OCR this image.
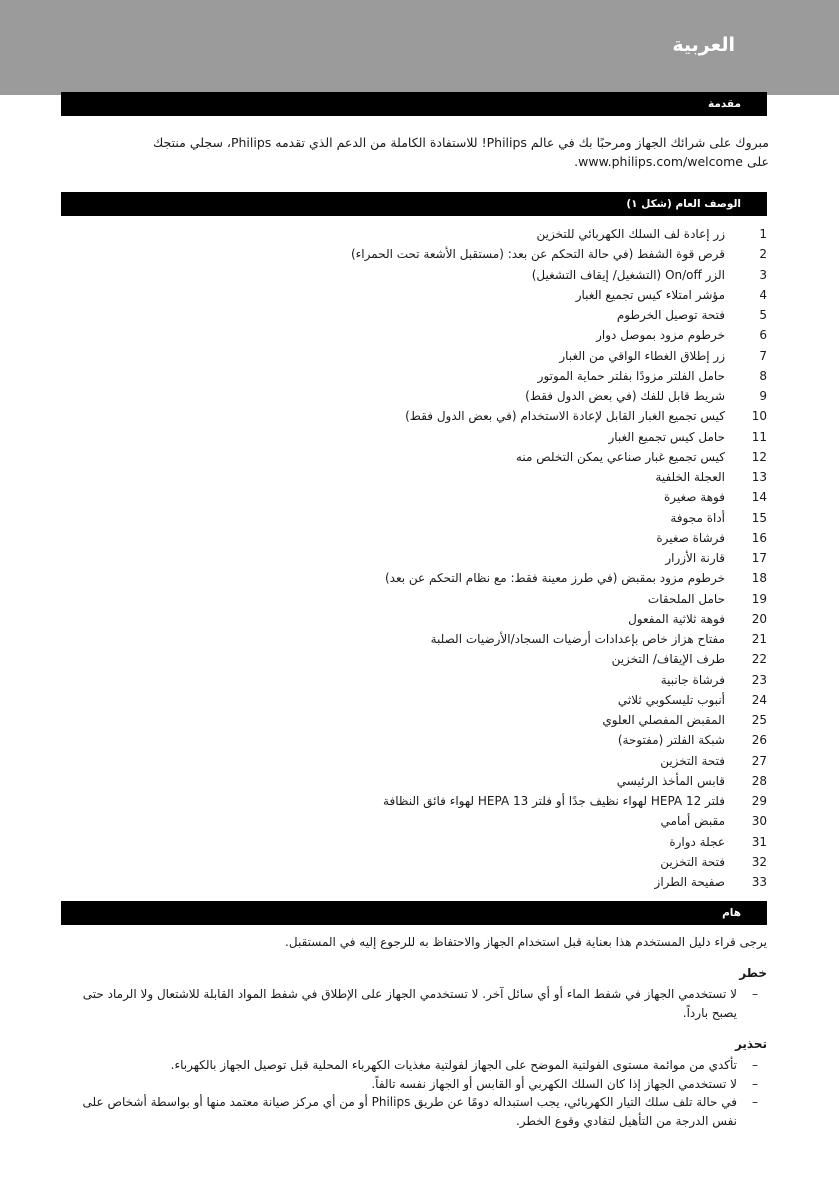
العربية
مقدمة

مبروك على شرائك الجهاز ومرحبًا بك في عالم Philips! للاستفادة الكاملة من الدعم الذي تقدمه Philips، سجلي منتجك على www.philips.com/welcome.

الوصف العام (شكل ١)
1
زر إعادة لف السلك الكهربائي للتخزين
2
قرص قوة الشفط (في حالة التحكم عن بعد: (مستقبل الأشعة تحت الحمراء)
3
الزر On/off (التشغيل/ إيقاف التشغيل)
4
مؤشر امتلاء كيس تجميع الغبار
5
فتحة توصيل الخرطوم
6
خرطوم مزود بموصل دوار
7
زر إطلاق الغطاء الواقي من الغبار
8
حامل الفلتر مزودًا بفلتر حماية الموتور
9
شريط قابل للفك (في بعض الدول فقط)
10
كيس تجميع الغبار القابل لإعادة الاستخدام (في بعض الدول فقط)
11
حامل كيس تجميع الغبار
12
كيس تجميع غبار صناعي يمكن التخلص منه
13
العجلة الخلفية
14
فوهة صغيرة
15
أداة مجوفة
16
فرشاة صغيرة
17
قارنة الأزرار
18
خرطوم مزود بمقبض (في طرز معينة فقط: مع نظام التحكم عن بعد)
19
حامل الملحقات
20
فوهة ثلاثية المفعول
21
مفتاح هزاز خاص بإعدادات أرضيات السجاد/الأرضيات الصلبة
22
طرف الإيقاف/ التخزين
23
فرشاة جانبية
24
أنبوب تليسكوبي ثلاثي
25
المقبض المفصلي العلوي
26
شبكة الفلتر (مفتوحة)
27
فتحة التخزين
28
قابس المأخذ الرئيسي
29
فلتر HEPA 12 لهواء نظيف جدًا أو فلتر HEPA 13 لهواء فائق النظافة
30
مقبض أمامي
31
عجلة دوارة
32
فتحة التخزين
33
صفيحة الطراز
هام

يرجى قراء دليل المستخدم هذا بعناية قبل استخدام الجهاز والاحتفاظ به للرجوع إليه في المستقبل.

خطر

–
لا تستخدمي الجهاز في شفط الماء أو أي سائل آخر. لا تستخدمي الجهاز على الإطلاق في شفط المواد القابلة للاشتعال ولا الرماد حتى يصبح بارداً.

تحذير

–
تأكدي من موائمة مستوى الفولتية الموضح على الجهاز لفولتية مغذيات الكهرباء المحلية قبل توصيل الجهاز بالكهرباء.
–
لا تستخدمي الجهاز إذا كان السلك الكهربي أو القابس أو الجهاز نفسه تالفاً.
–
في حالة تلف سلك التيار الكهربائي، يجب استبداله دومًا عن طريق Philips أو من أي مركز صيانة معتمد منها أو بواسطة أشخاص على نفس الدرجة من التأهيل لتفادي وقوع الخطر.
